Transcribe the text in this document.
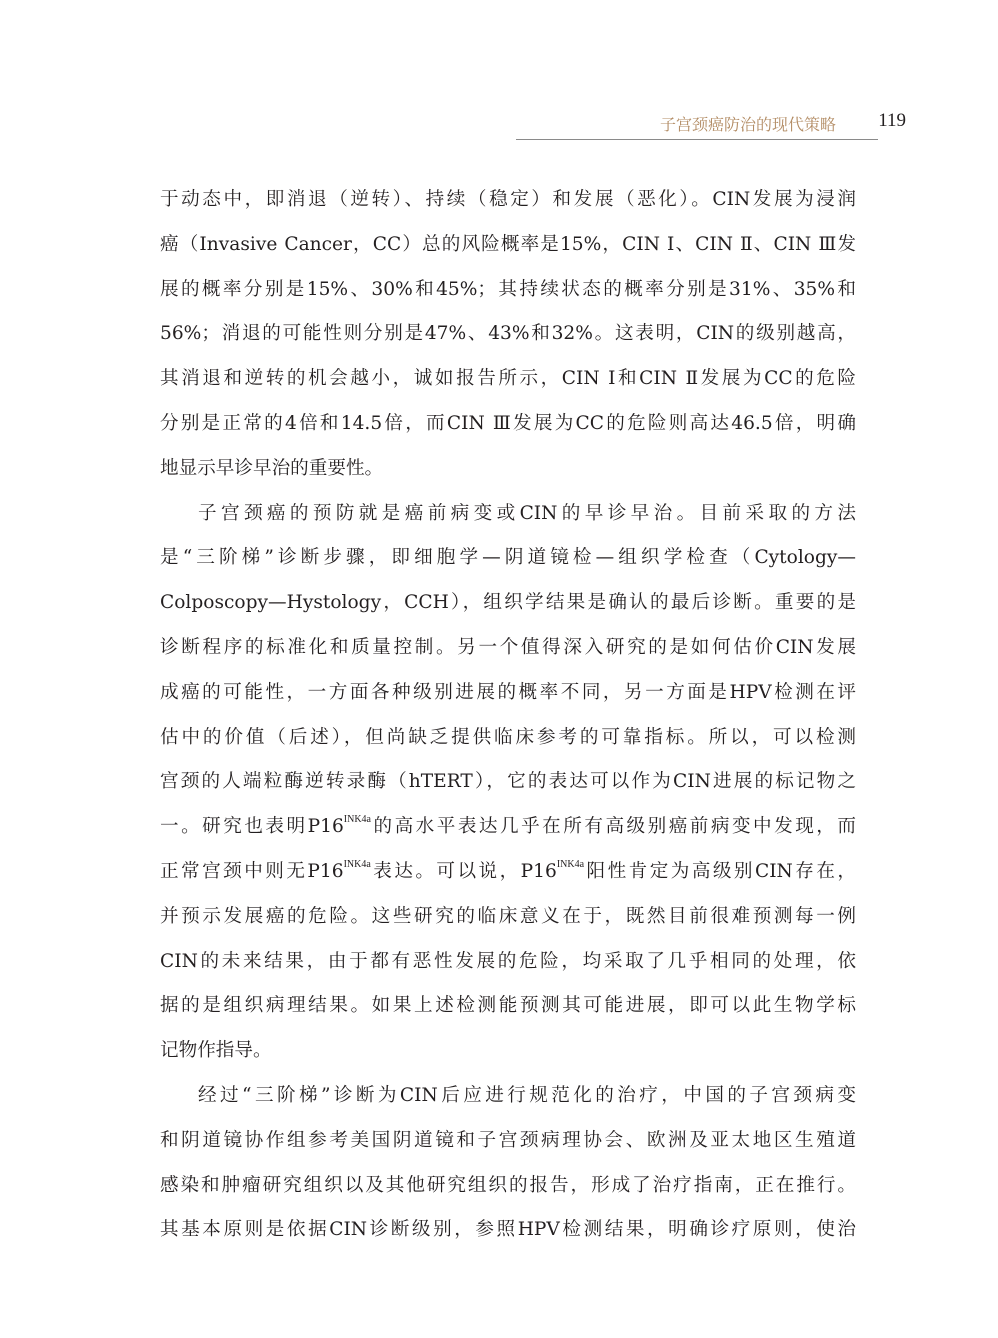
子宫颈癌防治的现代策略 119
于动态中，即消退（逆转）、持续（稳定）和发展（恶化）。CIN发展为浸润
癌（Invasive Cancer，CC）总的风险概率是15%，CIN Ⅰ、CIN Ⅱ、CIN Ⅲ发
展的概率分别是15%、30%和45%；其持续状态的概率分别是31%、35%和
56%；消退的可能性则分别是47%、43%和32%。这表明，CIN的级别越高，
其消退和逆转的机会越小，诚如报告所示，CIN Ⅰ和CIN Ⅱ发展为CC的危险
分别是正常的4倍和14.5倍，而CIN Ⅲ发展为CC的危险则高达46.5倍，明确
地显示早诊早治的重要性。
子宫颈癌的预防就是癌前病变或CIN的早诊早治。目前采取的方法
是“三阶梯”诊断步骤，即细胞学—阴道镜检—组织学检查（Cytology—
Colposcopy—Hystology，CCH），组织学结果是确认的最后诊断。重要的是
诊断程序的标准化和质量控制。另一个值得深入研究的是如何估价CIN发展
成癌的可能性，一方面各种级别进展的概率不同，另一方面是HPV检测在评
估中的价值（后述），但尚缺乏提供临床参考的可靠指标。所以，可以检测
宫颈的人端粒酶逆转录酶（hTERT），它的表达可以作为CIN进展的标记物之
一。研究也表明$P16^{INK4a}$的高水平表达几乎在所有高级别癌前病变中发现，而
正常宫颈中则无$P16^{INK4a}$表达。可以说，$P16^{INK4a}$阳性肯定为高级别CIN存在，
并预示发展癌的危险。这些研究的临床意义在于，既然目前很难预测每一例
CIN的未来结果，由于都有恶性发展的危险，均采取了几乎相同的处理，依
据的是组织病理结果。如果上述检测能预测其可能进展，即可以此生物学标
记物作指导。
经过“三阶梯”诊断为CIN后应进行规范化的治疗，中国的子宫颈病变
和阴道镜协作组参考美国阴道镜和子宫颈病理协会、欧洲及亚太地区生殖道
感染和肿瘤研究组织以及其他研究组织的报告，形成了治疗指南，正在推行。
其基本原则是依据CIN诊断级别，参照HPV检测结果，明确诊疗原则，使治
